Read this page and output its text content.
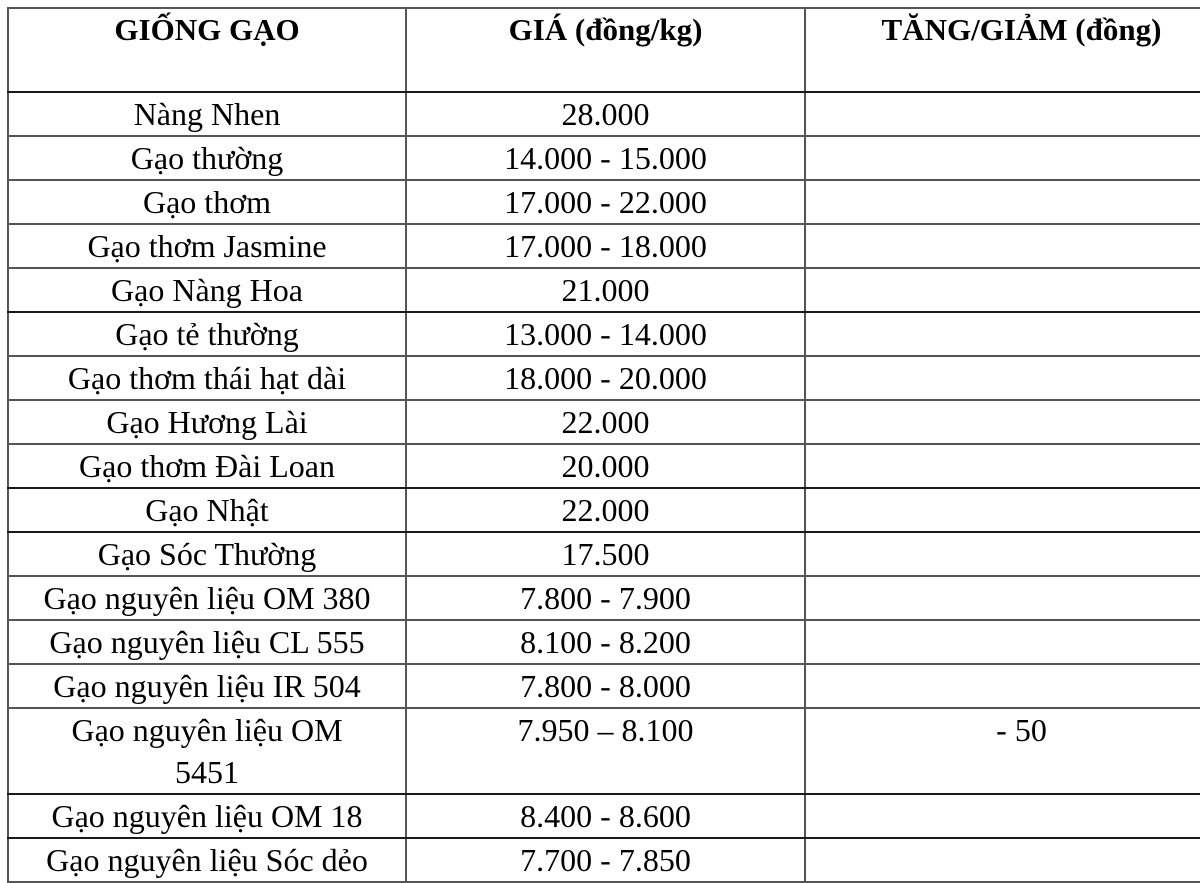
GIỐNG GẠO	GIÁ (đồng/kg)	TĂNG/GIẢM (đồng)

Nàng Nhen	28.000	

Gạo thường	14.000 - 15.000	

Gạo thơm	17.000 - 22.000	

Gạo thơm Jasmine	17.000 - 18.000	

Gạo Nàng Hoa	21.000	

Gạo tẻ thường	13.000 - 14.000	

Gạo thơm thái hạt dài	18.000 - 20.000	

Gạo Hương Lài	22.000	

Gạo thơm Đài Loan	20.000	

Gạo Nhật	22.000	

Gạo Sóc Thường	17.500	

Gạo nguyên liệu OM 380	7.800 - 7.900	

Gạo nguyên liệu CL 555	8.100 - 8.200	

Gạo nguyên liệu IR 504	7.800 - 8.000	

Gạo nguyên liệu OM 5451	7.950 – 8.100	- 50

Gạo nguyên liệu OM 18	8.400 - 8.600	

Gạo nguyên liệu Sóc dẻo	7.700 - 7.850	
